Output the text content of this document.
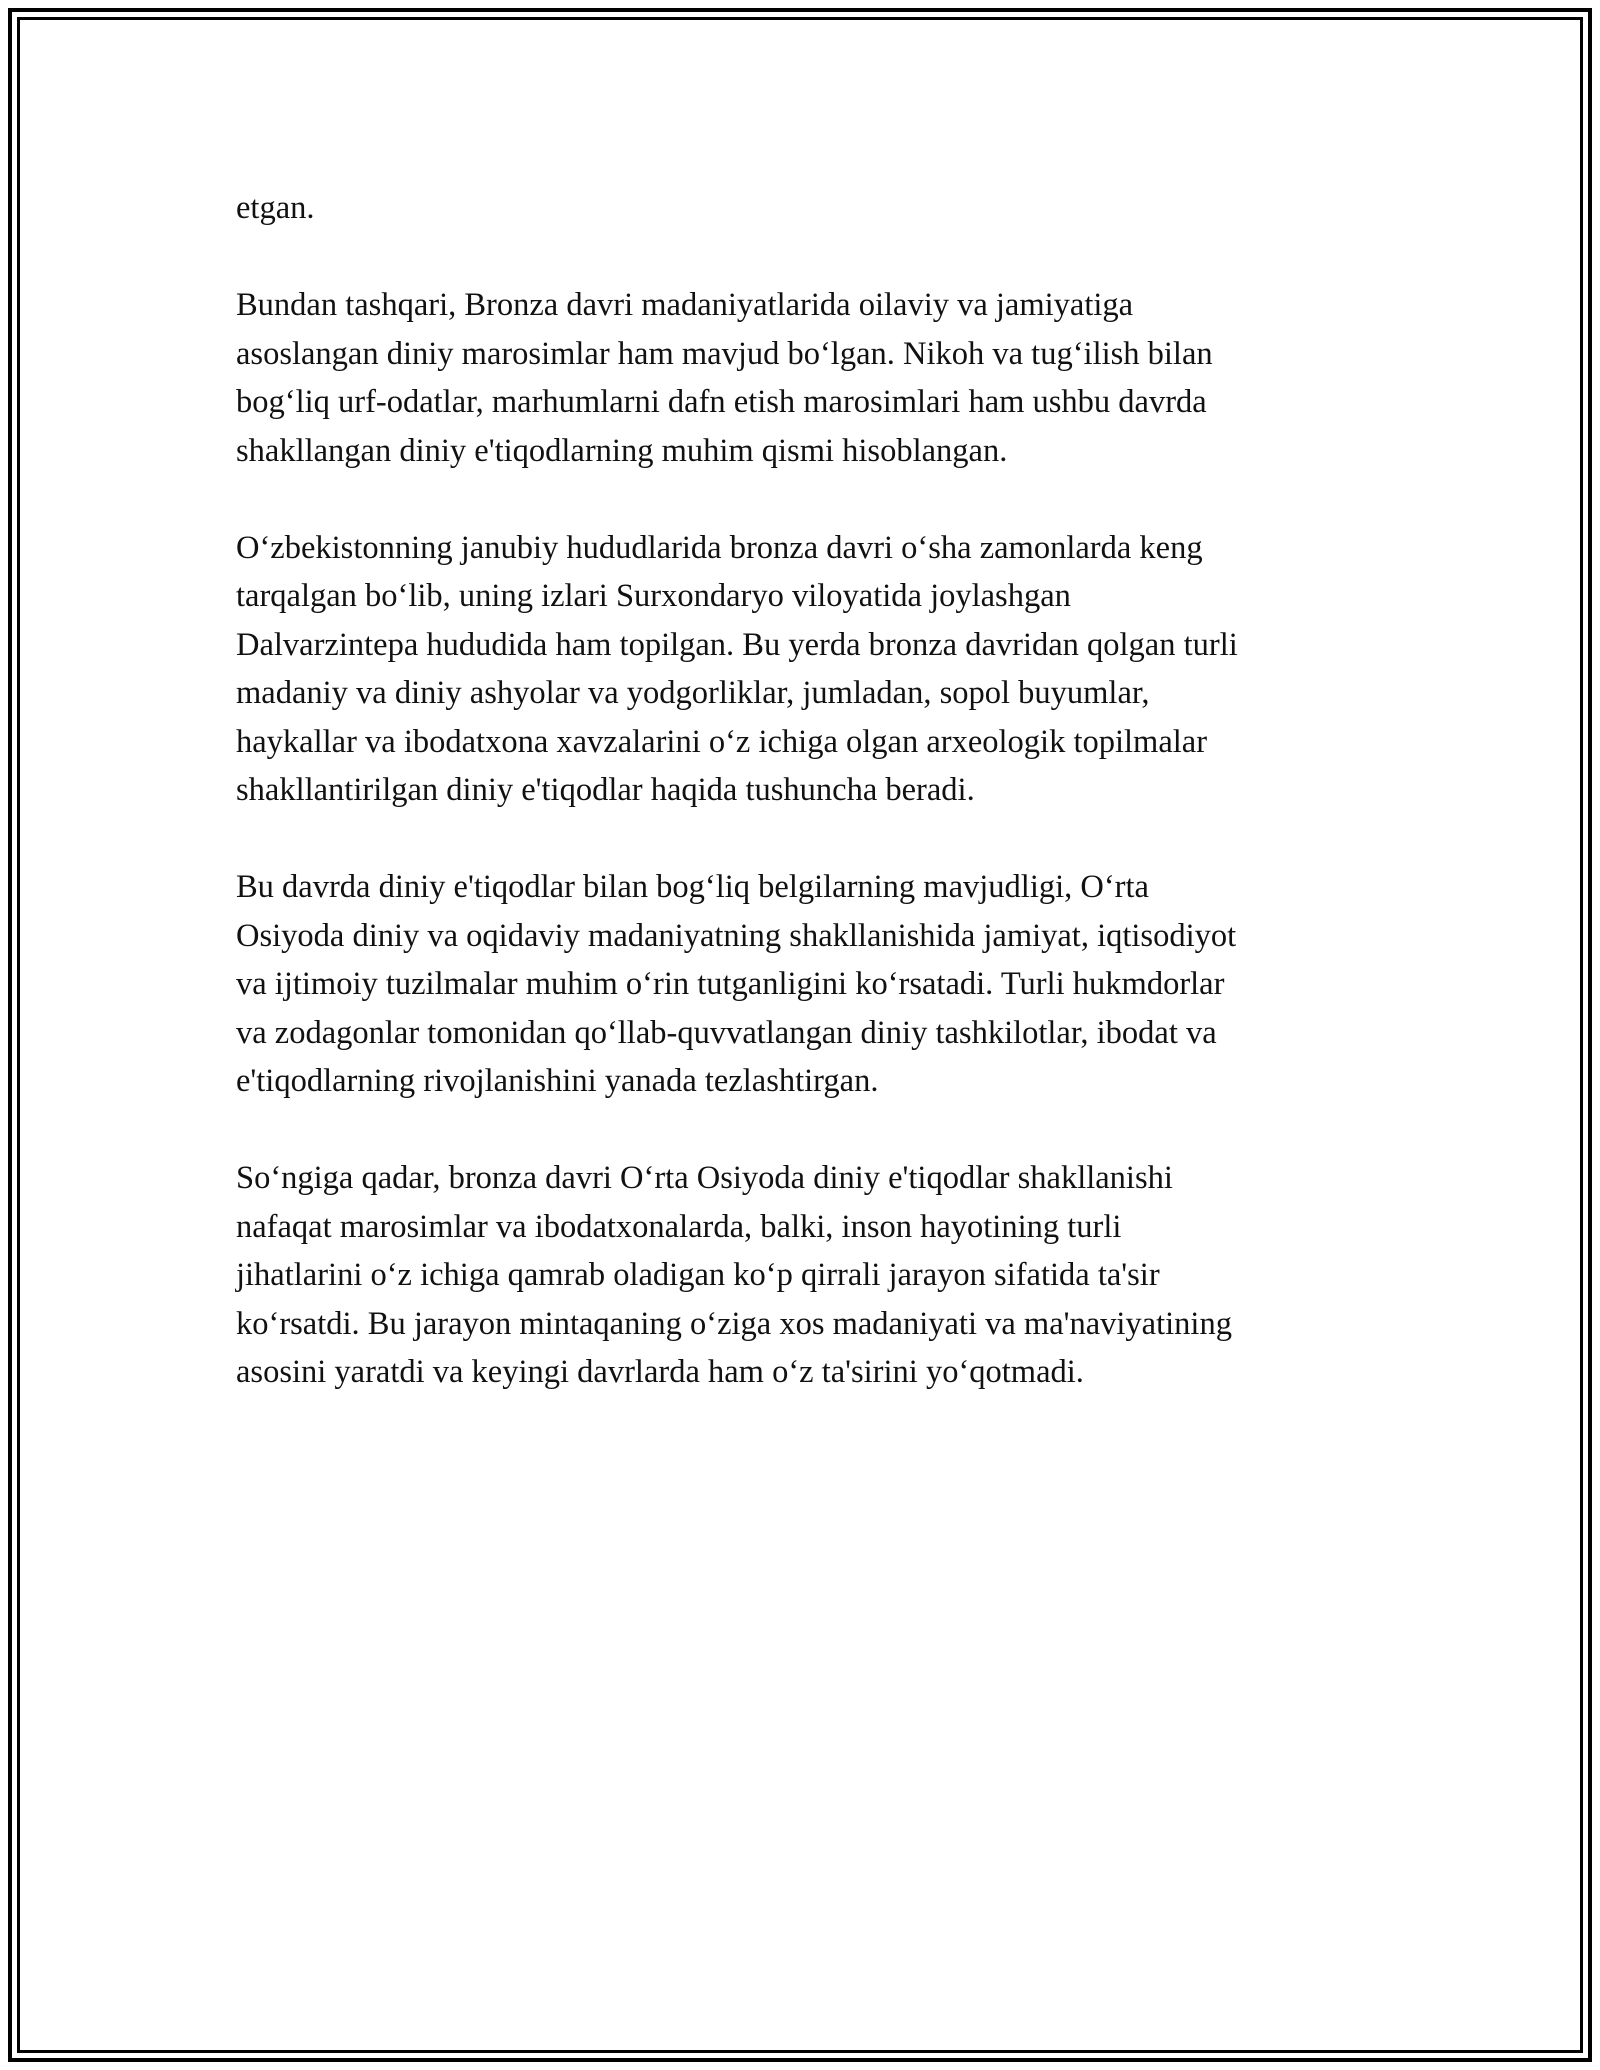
etgan.

Bundan tashqari, Bronza davri madaniyatlarida oilaviy va jamiyatiga
asoslangan diniy marosimlar ham mavjud bo‘lgan. Nikoh va tug‘ilish bilan
bog‘liq urf-odatlar, marhumlarni dafn etish marosimlari ham ushbu davrda
shakllangan diniy e'tiqodlarning muhim qismi hisoblangan.

O‘zbekistonning janubiy hududlarida bronza davri o‘sha zamonlarda keng
tarqalgan bo‘lib, uning izlari Surxondaryo viloyatida joylashgan
Dalvarzintepa hududida ham topilgan. Bu yerda bronza davridan qolgan turli
madaniy va diniy ashyolar va yodgorliklar, jumladan, sopol buyumlar,
haykallar va ibodatxona xavzalarini o‘z ichiga olgan arxeologik topilmalar
shakllantirilgan diniy e'tiqodlar haqida tushuncha beradi.

Bu davrda diniy e'tiqodlar bilan bog‘liq belgilarning mavjudligi, O‘rta
Osiyoda diniy va oqidaviy madaniyatning shakllanishida jamiyat, iqtisodiyot
va ijtimoiy tuzilmalar muhim o‘rin tutganligini ko‘rsatadi. Turli hukmdorlar
va zodagonlar tomonidan qo‘llab-quvvatlangan diniy tashkilotlar, ibodat va
e'tiqodlarning rivojlanishini yanada tezlashtirgan.

So‘ngiga qadar, bronza davri O‘rta Osiyoda diniy e'tiqodlar shakllanishi
nafaqat marosimlar va ibodatxonalarda, balki, inson hayotining turli
jihatlarini o‘z ichiga qamrab oladigan ko‘p qirrali jarayon sifatida ta'sir
ko‘rsatdi. Bu jarayon mintaqaning o‘ziga xos madaniyati va ma'naviyatining
asosini yaratdi va keyingi davrlarda ham o‘z ta'sirini yo‘qotmadi.
